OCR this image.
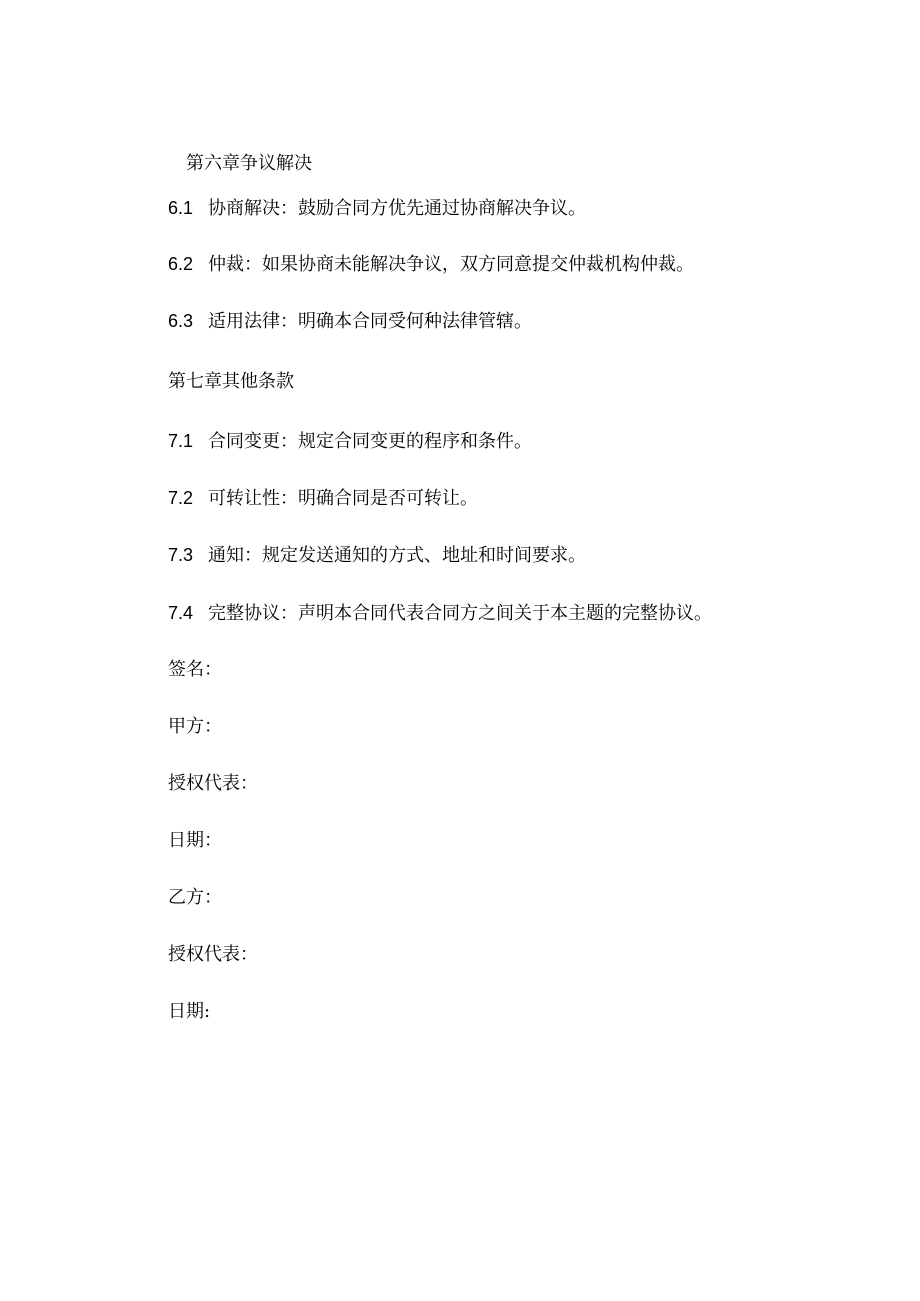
第六章争议解决
6.1 协商解决：鼓励合同方优先通过协商解决争议。
6.2 仲裁：如果协商未能解决争议，双方同意提交仲裁机构仲裁。
6.3 适用法律：明确本合同受何种法律管辖。
第七章其他条款
7.1 合同变更：规定合同变更的程序和条件。
7.2 可转让性：明确合同是否可转让。
7.3 通知：规定发送通知的方式、地址和时间要求。
7.4 完整协议：声明本合同代表合同方之间关于本主题的完整协议。
签名：
甲方：
授权代表：
日期：
乙方：
授权代表：
日期:
